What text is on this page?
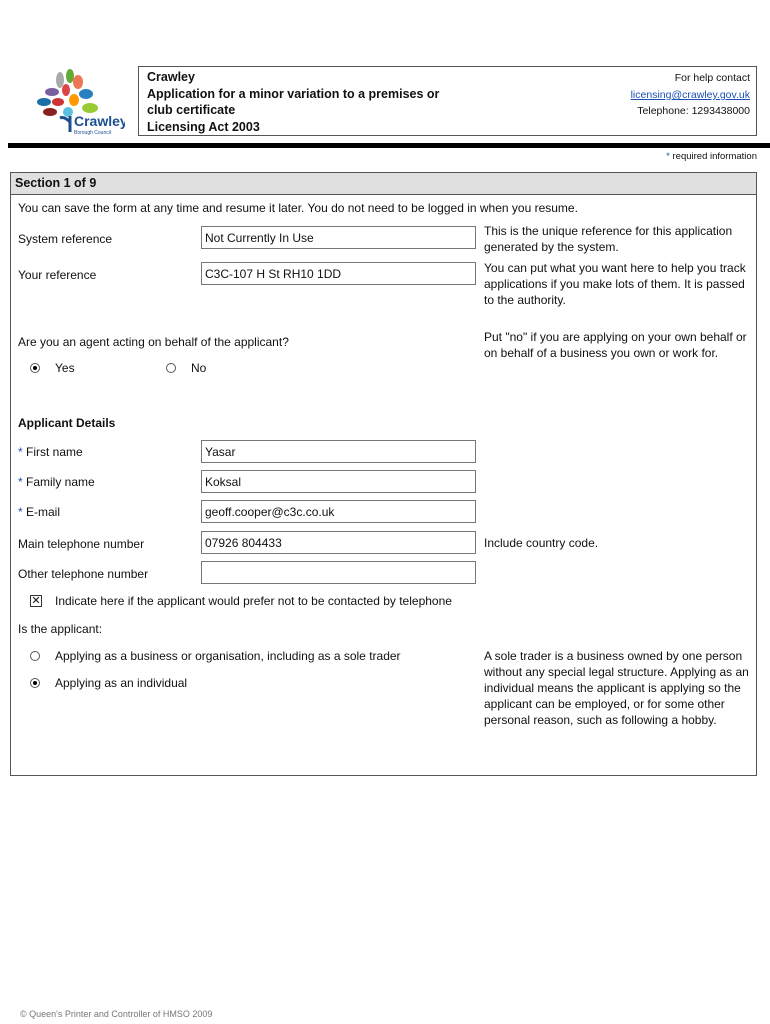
Crawley
Borough Council
Crawley
Application for a minor variation to a premises or
club certificate
Licensing Act 2003
For help contact
licensing@crawley.gov.uk
Telephone: 1293438000
* required information
Section 1 of 9
You can save the form at any time and resume it later. You do not need to be logged in when you resume.
System reference	Not Currently In Use	This is the unique reference for this application generated by the system.
Your reference	C3C-107 H St RH10 1DD	You can put what you want here to help you track applications if you make lots of them. It is passed to the authority.
Are you an agent acting on behalf of the applicant?
Yes	No
Put "no" if you are applying on your own behalf or on behalf of a business you own or work for.
Applicant Details
* First name	Yasar
* Family name	Koksal
* E-mail	geoff.cooper@c3c.co.uk
Main telephone number	07926 804433	Include country code.
Other telephone number
✕ Indicate here if the applicant would prefer not to be contacted by telephone
Is the applicant:
Applying as a business or organisation, including as a sole trader
Applying as an individual
A sole trader is a business owned by one person without any special legal structure. Applying as an individual means the applicant is applying so the applicant can be employed, or for some other personal reason, such as following a hobby.
© Queen's Printer and Controller of HMSO 2009
